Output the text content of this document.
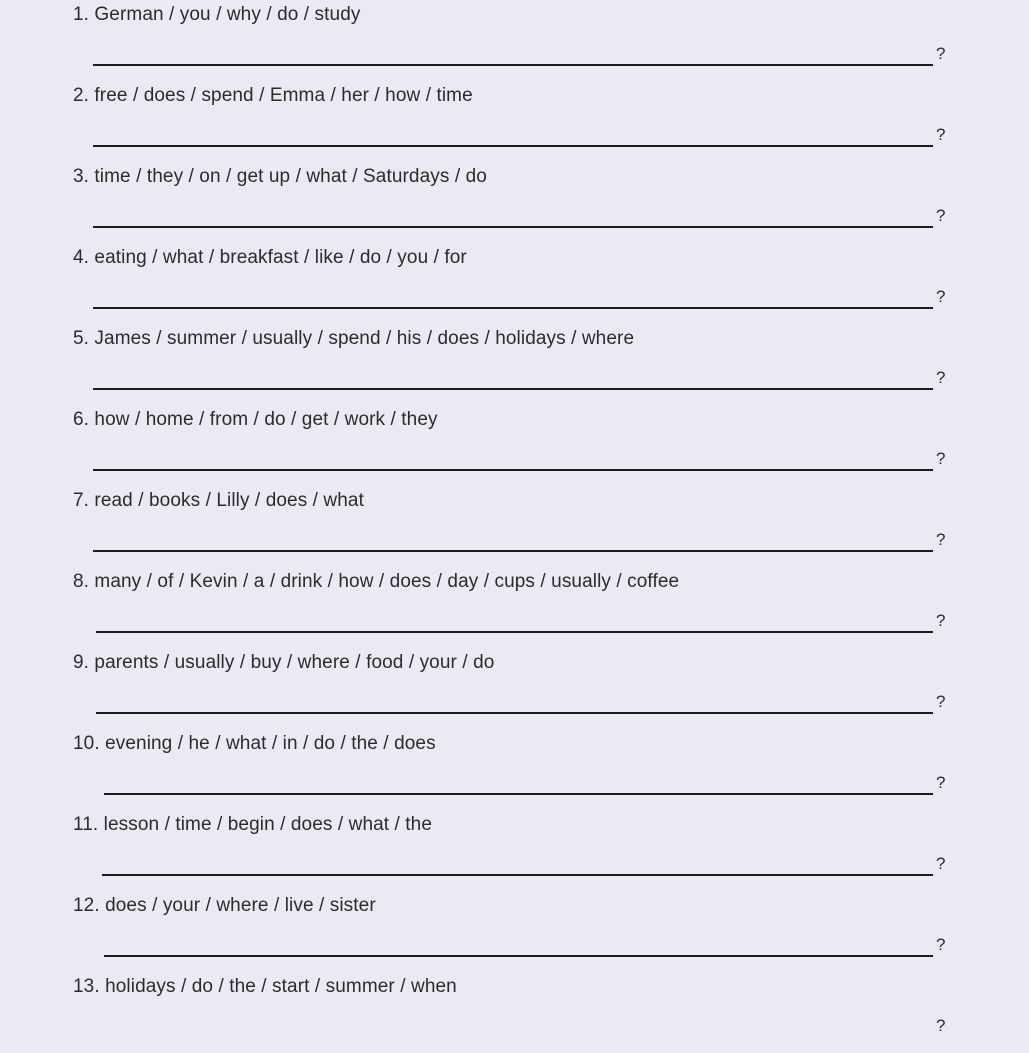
1. German / you / why / do / study
?
2. free / does / spend / Emma / her / how / time
?
3. time / they / on / get up / what / Saturdays / do
?
4. eating / what / breakfast / like / do / you / for
?
5. James / summer / usually / spend / his / does / holidays / where
?
6. how / home / from / do / get / work / they
?
7. read / books / Lilly / does / what
?
8. many / of / Kevin / a / drink / how / does / day / cups / usually / coffee
?
9. parents / usually / buy / where / food / your / do
?
10. evening / he / what / in / do / the / does
?
11. lesson / time / begin / does / what / the
?
12. does / your / where / live / sister
?
13. holidays / do / the / start / summer / when
?
